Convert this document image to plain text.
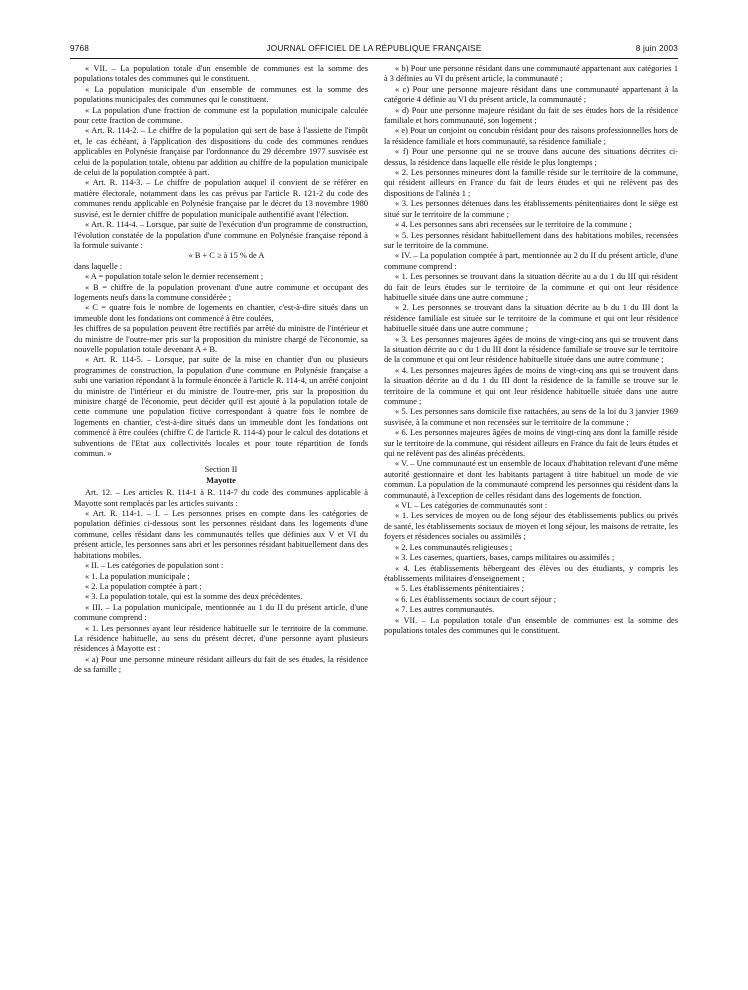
9768	JOURNAL OFFICIEL DE LA RÉPUBLIQUE FRANÇAISE	8 juin 2003

« VII. – La population totale d'un ensemble de communes est la somme des populations totales des communes qui le constituent.

« La population municipale d'un ensemble de communes est la somme des populations municipales des communes qui le constituent.

« La population d'une fraction de commune est la population municipale calculée pour cette fraction de commune.

« Art. R. 114-2. – Le chiffre de la population qui sert de base à l'assiette de l'impôt et, le cas échéant, à l'application des dispositions du code des communes rendues applicables en Polynésie française par l'ordonnance du 29 décembre 1977 susvisée est celui de la population totale, obtenu par addition au chiffre de la population municipale de celui de la population comptée à part.

« Art. R. 114-3. – Le chiffre de population auquel il convient de se référer en matière électorale, notamment dans les cas prévus par l'article R. 121-2 du code des communes rendu applicable en Polynésie française par le décret du 13 novembre 1980 susvisé, est le dernier chiffre de population municipale authentifié avant l'élection.

« Art. R. 114-4. – Lorsque, par suite de l'exécution d'un programme de construction, l'évolution constatée de la population d'une commune en Polynésie française répond à la formule suivante :

« B + C ≥ à 15 % de A

dans laquelle :

« A = population totale selon le dernier recensement ;

« B = chiffre de la population provenant d'une autre commune et occupant des logements neufs dans la commune considérée ;

« C = quatre fois le nombre de logements en chantier, c'est-à-dire situés dans un immeuble dont les fondations ont commencé à être coulées,

les chiffres de sa population peuvent être rectifiés par arrêté du ministre de l'intérieur et du ministre de l'outre-mer pris sur la proposition du ministre chargé de l'économie, sa nouvelle population totale devenant A + B.

« Art. R. 114-5. – Lorsque, par suite de la mise en chantier d'un ou plusieurs programmes de construction, la population d'une commune en Polynésie française a subi une variation répondant à la formule énoncée à l'article R. 114-4, un arrêté conjoint du ministre de l'intérieur et du ministre de l'outre-mer, pris sur la proposition du ministre chargé de l'économie, peut décider qu'il est ajouté à la population totale de cette commune une population fictive correspondant à quatre fois le nombre de logements en chantier, c'est-à-dire situés dans un immeuble dont les fondations ont commencé à être coulées (chiffre C de l'article R. 114-4) pour le calcul des dotations et subventions de l'Etat aux collectivités locales et pour toute répartition de fonds commun. »

Section II

Mayotte

Art. 12. – Les articles R. 114-1 à R. 114-7 du code des communes applicable à Mayotte sont remplacés par les articles suivants :

« Art. R. 114-1. – I. – Les personnes prises en compte dans les catégories de population définies ci-dessous sont les personnes résidant dans les logements d'une commune, celles résidant dans les communautés telles que définies aux V et VI du présent article, les personnes sans abri et les personnes résidant habituellement dans des habitations mobiles.

« II. – Les catégories de population sont :

« 1. La population municipale ;

« 2. La population comptée à part ;

« 3. La population totale, qui est la somme des deux précédentes.

« III. – La population municipale, mentionnée au 1 du II du présent article, d'une commune comprend :

« 1. Les personnes ayant leur résidence habituelle sur le territoire de la commune. La résidence habituelle, au sens du présent décret, d'une personne ayant plusieurs résidences à Mayotte est :

« a) Pour une personne mineure résidant ailleurs du fait de ses études, la résidence de sa famille ;

« b) Pour une personne résidant dans une communauté appartenant aux catégories 1 à 3 définies au VI du présent article, la communauté ;

« c) Pour une personne majeure résidant dans une communauté appartenant à la catégorie 4 définie au VI du présent article, la communauté ;

« d) Pour une personne majeure résidant du fait de ses études hors de la résidence familiale et hors communauté, son logement ;

« e) Pour un conjoint ou concubin résidant pour des raisons professionnelles hors de la résidence familiale et hors communauté, sa résidence familiale ;

« f) Pour une personne qui ne se trouve dans aucune des situations décrites ci-dessus, la résidence dans laquelle elle réside le plus longtemps ;

« 2. Les personnes mineures dont la famille réside sur le territoire de la commune, qui résident ailleurs en France du fait de leurs études et qui ne relèvent pas des dispositions de l'alinéa 1 ;

« 3. Les personnes détenues dans les établissements pénitentiaires dont le siège est situé sur le territoire de la commune ;

« 4. Les personnes sans abri recensées sur le territoire de la commune ;

« 5. Les personnes résidant habituellement dans des habitations mobiles, recensées sur le territoire de la commune.

« IV. – La population comptée à part, mentionnée au 2 du II du présent article, d'une commune comprend :

« 1. Les personnes se trouvant dans la situation décrite au a du 1 du III qui résident du fait de leurs études sur le territoire de la commune et qui ont leur résidence habituelle située dans une autre commune ;

« 2. Les personnes se trouvant dans la situation décrite au b du 1 du III dont la résidence familiale est située sur le territoire de la commune et qui ont leur résidence habituelle située dans une autre commune ;

« 3. Les personnes majeures âgées de moins de vingt-cinq ans qui se trouvent dans la situation décrite au c du 1 du III dont la résidence familiale se trouve sur le territoire de la commune et qui ont leur résidence habituelle située dans une autre commune ;

« 4. Les personnes majeures âgées de moins de vingt-cinq ans qui se trouvent dans la situation décrite au d du 1 du III dont la résidence de la famille se trouve sur le territoire de la commune et qui ont leur résidence habituelle située dans une autre commune ;

« 5. Les personnes sans domicile fixe rattachées, au sens de la loi du 3 janvier 1969 susvisée, à la commune et non recensées sur le territoire de la commune ;

« 6. Les personnes majeures âgées de moins de vingt-cinq ans dont la famille réside sur le territoire de la commune, qui résident ailleurs en France du fait de leurs études et qui ne relèvent pas des alinéas précédents.

« V. – Une communauté est un ensemble de locaux d'habitation relevant d'une même autorité gestionnaire et dont les habitants partagent à titre habituel un mode de vie commun. La population de la communauté comprend les personnes qui résident dans la communauté, à l'exception de celles résidant dans des logements de fonction.

« VI. – Les catégories de communautés sont :

« 1. Les services de moyen ou de long séjour des établissements publics ou privés de santé, les établissements sociaux de moyen et long séjour, les maisons de retraite, les foyers et résidences sociales ou assimilés ;

« 2. Les communautés religieuses ;

« 3. Les casernes, quartiers, bases, camps militaires ou assimilés ;

« 4. Les établissements hébergeant des élèves ou des étudiants, y compris les établissements militaires d'enseignement ;

« 5. Les établissements pénitentiaires ;

« 6. Les établissements sociaux de court séjour ;

« 7. Les autres communautés.

« VII. – La population totale d'un ensemble de communes est la somme des populations totales des communes qui le constituent.
